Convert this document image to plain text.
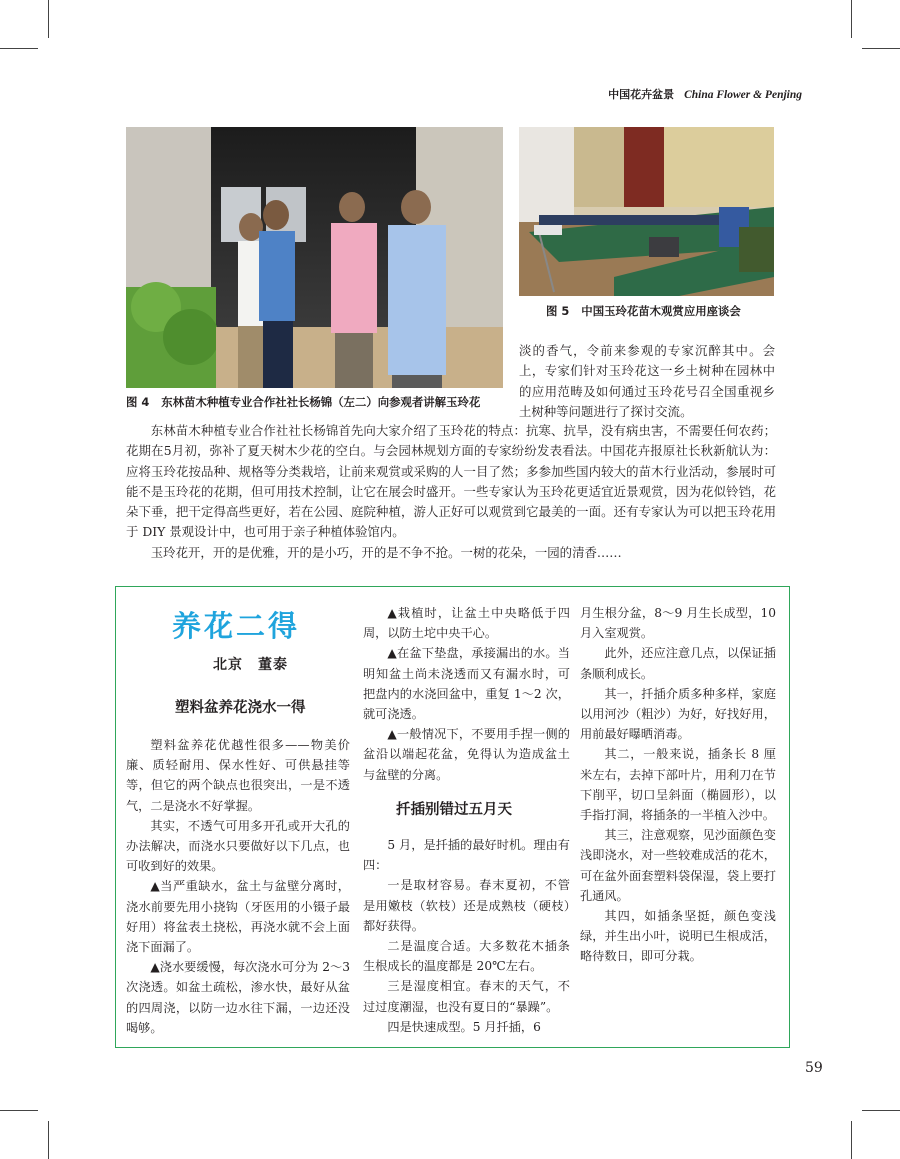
中国花卉盆景 China Flower & Penjing
图 4 东林苗木种植专业合作社社长杨锦（左二）向参观者讲解玉玲花
图 5 中国玉玲花苗木观赏应用座谈会

淡的香气，令前来参观的专家沉醉其中。会上，专家们针对玉玲花这一乡土树种在园林中的应用范畴及如何通过玉玲花号召全国重视乡土树种等问题进行了探讨交流。

东林苗木种植专业合作社社长杨锦首先向大家介绍了玉玲花的特点：抗寒、抗旱，没有病虫害，不需要任何农药；花期在5月初，弥补了夏天树木少花的空白。与会园林规划方面的专家纷纷发表看法。中国花卉报原社长秋新航认为：应将玉玲花按品种、规格等分类栽培，让前来观赏或采购的人一目了然；多参加些国内较大的苗木行业活动，参展时可能不是玉玲花的花期，但可用技术控制，让它在展会时盛开。一些专家认为玉玲花更适宜近景观赏，因为花似铃铛，花朵下垂，把干定得高些更好，若在公园、庭院种植，游人正好可以观赏到它最美的一面。还有专家认为可以把玉玲花用于 DIY 景观设计中，也可用于亲子种植体验馆内。

玉玲花开，开的是优雅，开的是小巧，开的是不争不抢。一树的花朵，一园的清香……

养花二得
北京　董泰
塑料盆养花浇水一得

塑料盆养花优越性很多——物美价廉、质轻耐用、保水性好、可供悬挂等等，但它的两个缺点也很突出，一是不透气，二是浇水不好掌握。

其实，不透气可用多开孔或开大孔的办法解决，而浇水只要做好以下几点，也可收到好的效果。

▲当严重缺水，盆土与盆壁分离时，浇水前要先用小挠钩（牙医用的小镊子最好用）将盆表土挠松，再浇水就不会上面浇下面漏了。

▲浇水要缓慢，每次浇水可分为 2～3 次浇透。如盆土疏松，渗水快，最好从盆的四周浇，以防一边水往下漏，一边还没喝够。

▲栽植时，让盆土中央略低于四周，以防土坨中央干心。

▲在盆下垫盘，承接漏出的水。当明知盆土尚未浇透而又有漏水时，可把盘内的水浇回盆中，重复 1～2 次，就可浇透。

▲一般情况下，不要用手捏一侧的盆沿以端起花盆，免得认为造成盆土与盆壁的分离。

扦插别错过五月天

5 月，是扦插的最好时机。理由有四：

一是取材容易。春末夏初，不管是用嫩枝（软枝）还是成熟枝（硬枝）都好获得。

二是温度合适。大多数花木插条生根成长的温度都是 20℃左右。

三是湿度相宜。春末的天气，不过过度潮湿，也没有夏日的“暴躁”。

四是快速成型。5 月扦插，6

月生根分盆，8～9 月生长成型，10 月入室观赏。

此外，还应注意几点，以保证插条顺利成长。

其一，扦插介质多种多样，家庭以用河沙（粗沙）为好，好找好用，用前最好曝晒消毒。

其二，一般来说，插条长 8 厘米左右，去掉下部叶片，用利刀在节下削平，切口呈斜面（椭圆形），以手指打洞，将插条的一半植入沙中。

其三，注意观察，见沙面颜色变浅即浇水，对一些较难成活的花木，可在盆外面套塑料袋保湿，袋上要打孔通风。

其四，如插条坚挺，颜色变浅绿，并生出小叶，说明已生根成活，略待数日，即可分栽。

59
